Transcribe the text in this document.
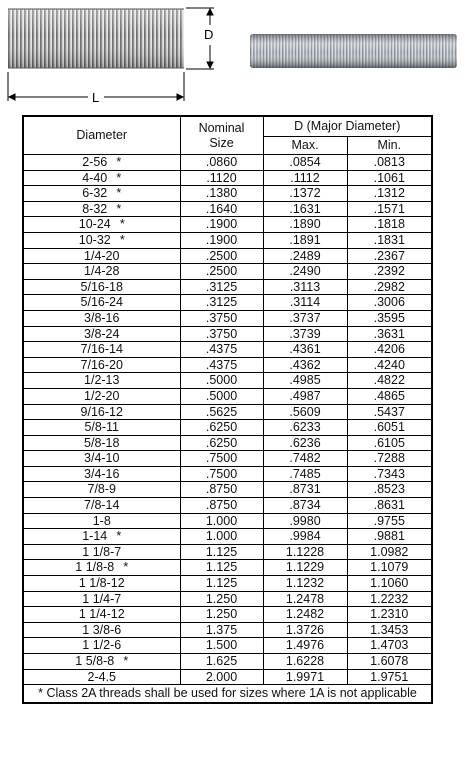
D
L
Diameter	Nominal
Size	D (Major Diameter)	
		Max.	Min.
2-56 *	.0860	.0854	.0813
4-40 *	.1120	.1112	.1061
6-32 *	.1380	.1372	.1312
8-32 *	.1640	.1631	.1571
10-24 *	.1900	.1890	.1818
10-32 *	.1900	.1891	.1831
1/4-20	.2500	.2489	.2367
1/4-28	.2500	.2490	.2392
5/16-18	.3125	.3113	.2982
5/16-24	.3125	.3114	.3006
3/8-16	.3750	.3737	.3595
3/8-24	.3750	.3739	.3631
7/16-14	.4375	.4361	.4206
7/16-20	.4375	.4362	.4240
1/2-13	.5000	.4985	.4822
1/2-20	.5000	.4987	.4865
9/16-12	.5625	.5609	.5437
5/8-11	.6250	.6233	.6051
5/8-18	.6250	.6236	.6105
3/4-10	.7500	.7482	.7288
3/4-16	.7500	.7485	.7343
7/8-9	.8750	.8731	.8523
7/8-14	.8750	.8734	.8631
1-8	1.000	.9980	.9755
1-14 *	1.000	.9984	.9881
1 1/8-7	1.125	1.1228	1.0982
1 1/8-8 *	1.125	1.1229	1.1079
1 1/8-12	1.125	1.1232	1.1060
1 1/4-7	1.250	1.2478	1.2232
1 1/4-12	1.250	1.2482	1.2310
1 3/8-6	1.375	1.3726	1.3453
1 1/2-6	1.500	1.4976	1.4703
1 5/8-8 *	1.625	1.6228	1.6078
2-4.5	2.000	1.9971	1.9751
* Class 2A threads shall be used for sizes where 1A is not applicable			
